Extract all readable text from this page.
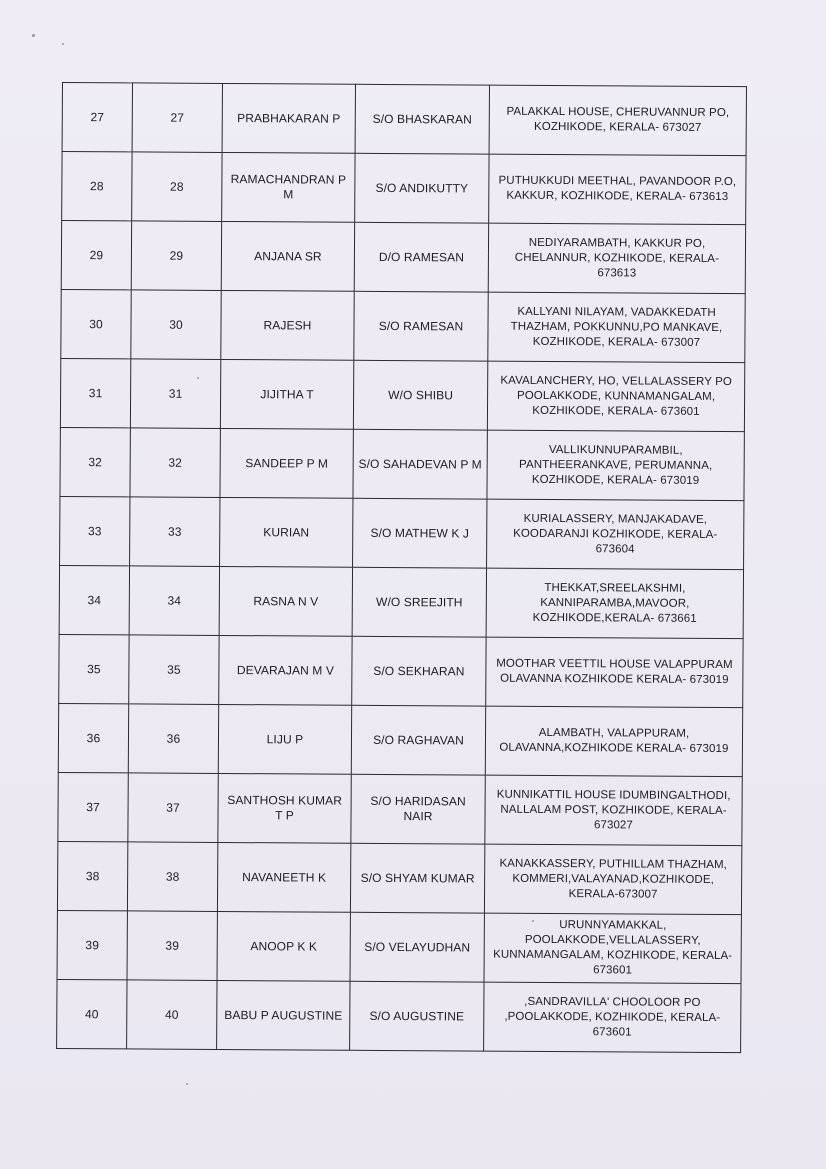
27	27	PRABHAKARAN P	S/O BHASKARAN	PALAKKAL HOUSE, CHERUVANNUR PO, KOZHIKODE, KERALA- 673027
28	28	RAMACHANDRAN P M	S/O ANDIKUTTY	PUTHUKKUDI MEETHAL, PAVANDOOR P.O, KAKKUR, KOZHIKODE, KERALA- 673613
29	29	ANJANA SR	D/O RAMESAN	NEDIYARAMBATH, KAKKUR PO, CHELANNUR, KOZHIKODE, KERALA- 673613
30	30	RAJESH	S/O RAMESAN	KALLYANI NILAYAM, VADAKKEDATH THAZHAM, POKKUNNU,PO MANKAVE, KOZHIKODE, KERALA- 673007
31	31	JIJITHA T	W/O SHIBU	KAVALANCHERY, HO, VELLALASSERY PO POOLAKKODE, KUNNAMANGALAM, KOZHIKODE, KERALA- 673601
32	32	SANDEEP P M	S/O SAHADEVAN P M	VALLIKUNNUPARAMBIL, PANTHEERANKAVE, PERUMANNA, KOZHIKODE, KERALA- 673019
33	33	KURIAN	S/O MATHEW K J	KURIALASSERY, MANJAKADAVE, KOODARANJI KOZHIKODE, KERALA- 673604
34	34	RASNA N V	W/O SREEJITH	THEKKAT,SREELAKSHMI, KANNIPARAMBA,MAVOOR, KOZHIKODE,KERALA- 673661
35	35	DEVARAJAN M V	S/O SEKHARAN	MOOTHAR VEETTIL HOUSE VALAPPURAM OLAVANNA KOZHIKODE KERALA- 673019
36	36	LIJU P	S/O RAGHAVAN	ALAMBATH, VALAPPURAM, OLAVANNA,KOZHIKODE KERALA- 673019
37	37	SANTHOSH KUMAR T P	S/O HARIDASAN NAIR	KUNNIKATTIL HOUSE IDUMBINGALTHODI, NALLALAM POST, KOZHIKODE, KERALA- 673027
38	38	NAVANEETH K	S/O SHYAM KUMAR	KANAKKASSERY, PUTHILLAM THAZHAM, KOMMERI,VALAYANAD,KOZHIKODE, KERALA-673007
39	39	ANOOP K K	S/O VELAYUDHAN	URUNNYAMAKKAL, POOLAKKODE,VELLALASSERY, KUNNAMANGALAM, KOZHIKODE, KERALA- 673601
40	40	BABU P AUGUSTINE	S/O AUGUSTINE	,SANDRAVILLA' CHOOLOOR PO ,POOLAKKODE, KOZHIKODE, KERALA- 673601
